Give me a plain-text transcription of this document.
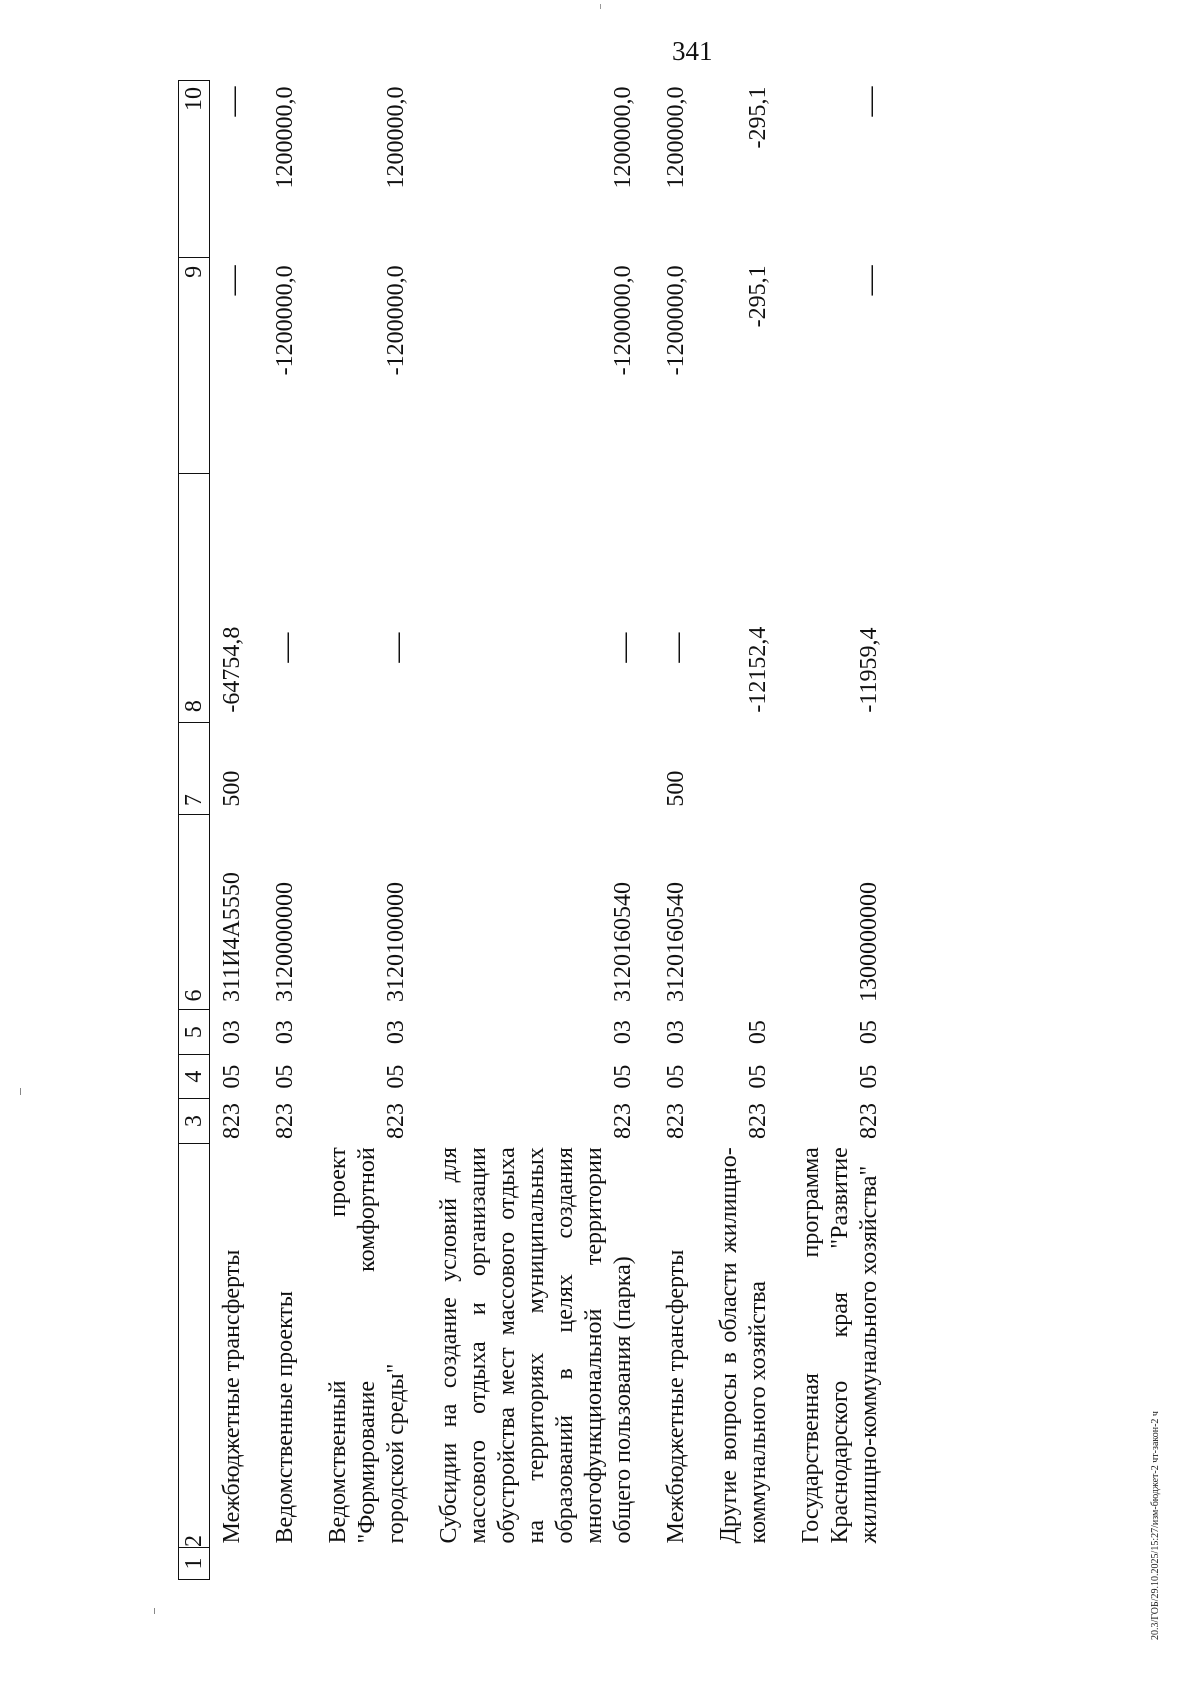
341
1	2	3	4	5	6	7	8	9	10
	Межбюджетные трансферты	823	05	03	311И4А5550	500	-64754,8	—	—
	Ведомственные проекты	823	05	03	3120000000		—	-1200000,0	1200000,0
	Ведомственный проект "Формирование комфортной городской среды"	823	05	03	3120100000		—	-1200000,0	1200000,0
	Субсидии на создание условий для массового отдыха и организации обустройства мест массового отдыха на территориях муниципальных образований в целях создания многофункциональной территории общего пользования (парка)	823	05	03	3120160540		—	-1200000,0	1200000,0
	Межбюджетные трансферты	823	05	03	3120160540	500	—	-1200000,0	1200000,0
	Другие вопросы в области жилищно-коммунального хозяйства	823	05	05			-12152,4	-295,1	-295,1
	Государственная программа Краснодарского края "Развитие жилищно-коммунального хозяйства"	823	05	05	1300000000		-11959,4	—	—
20.3/ГОБ/29.10.2025/15:27/изм-бюджет-2 чт-закон-2 ч
